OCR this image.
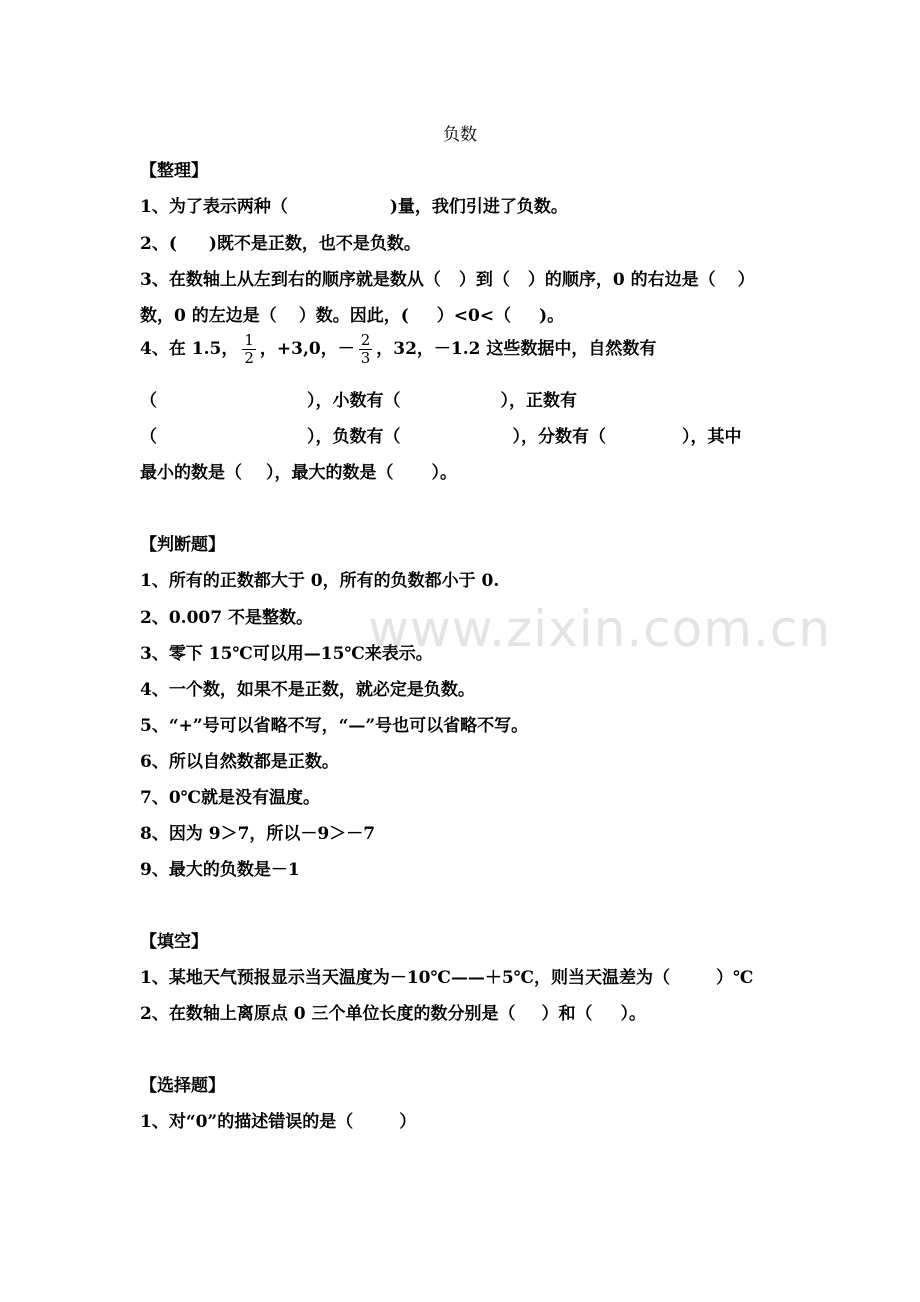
www.zixin.com.cn
负数
【整理】
1、为了表示两种（	)量，我们引进了负数。
2、( )既不是正数，也不是负数。
3、在数轴上从左到右的顺序就是数从（ ）到（ ）的顺序，0 的右边是（ ）
数，0 的左边是（ ）数。因此，( ）<0<（ )。
4、在 1.5， $\frac{1}{2}$ ，+3,0，－ $\frac{2}{3}$ ，32，－1.2 这些数据中，自然数有
（	），小数有（	），正数有
（	），负数有（	），分数有（	），其中
最小的数是（ ），最大的数是（ ）。
【判断题】
1、所有的正数都大于 0，所有的负数都小于 0.
2、0.007 不是整数。
3、零下 15℃可以用—15℃来表示。
4、一个数，如果不是正数，就必定是负数。
5、“+”号可以省略不写，“—”号也可以省略不写。
6、所以自然数都是正数。
7、0℃就是没有温度。
8、因为 9＞7，所以－9＞－7
9、最大的负数是－1
【填空】
1、某地天气预报显示当天温度为－10℃——＋5℃，则当天温差为（	）℃
2、在数轴上离原点 0 三个单位长度的数分别是（ ）和（ ）。
【选择题】
1、对“0”的描述错误的是（	）
